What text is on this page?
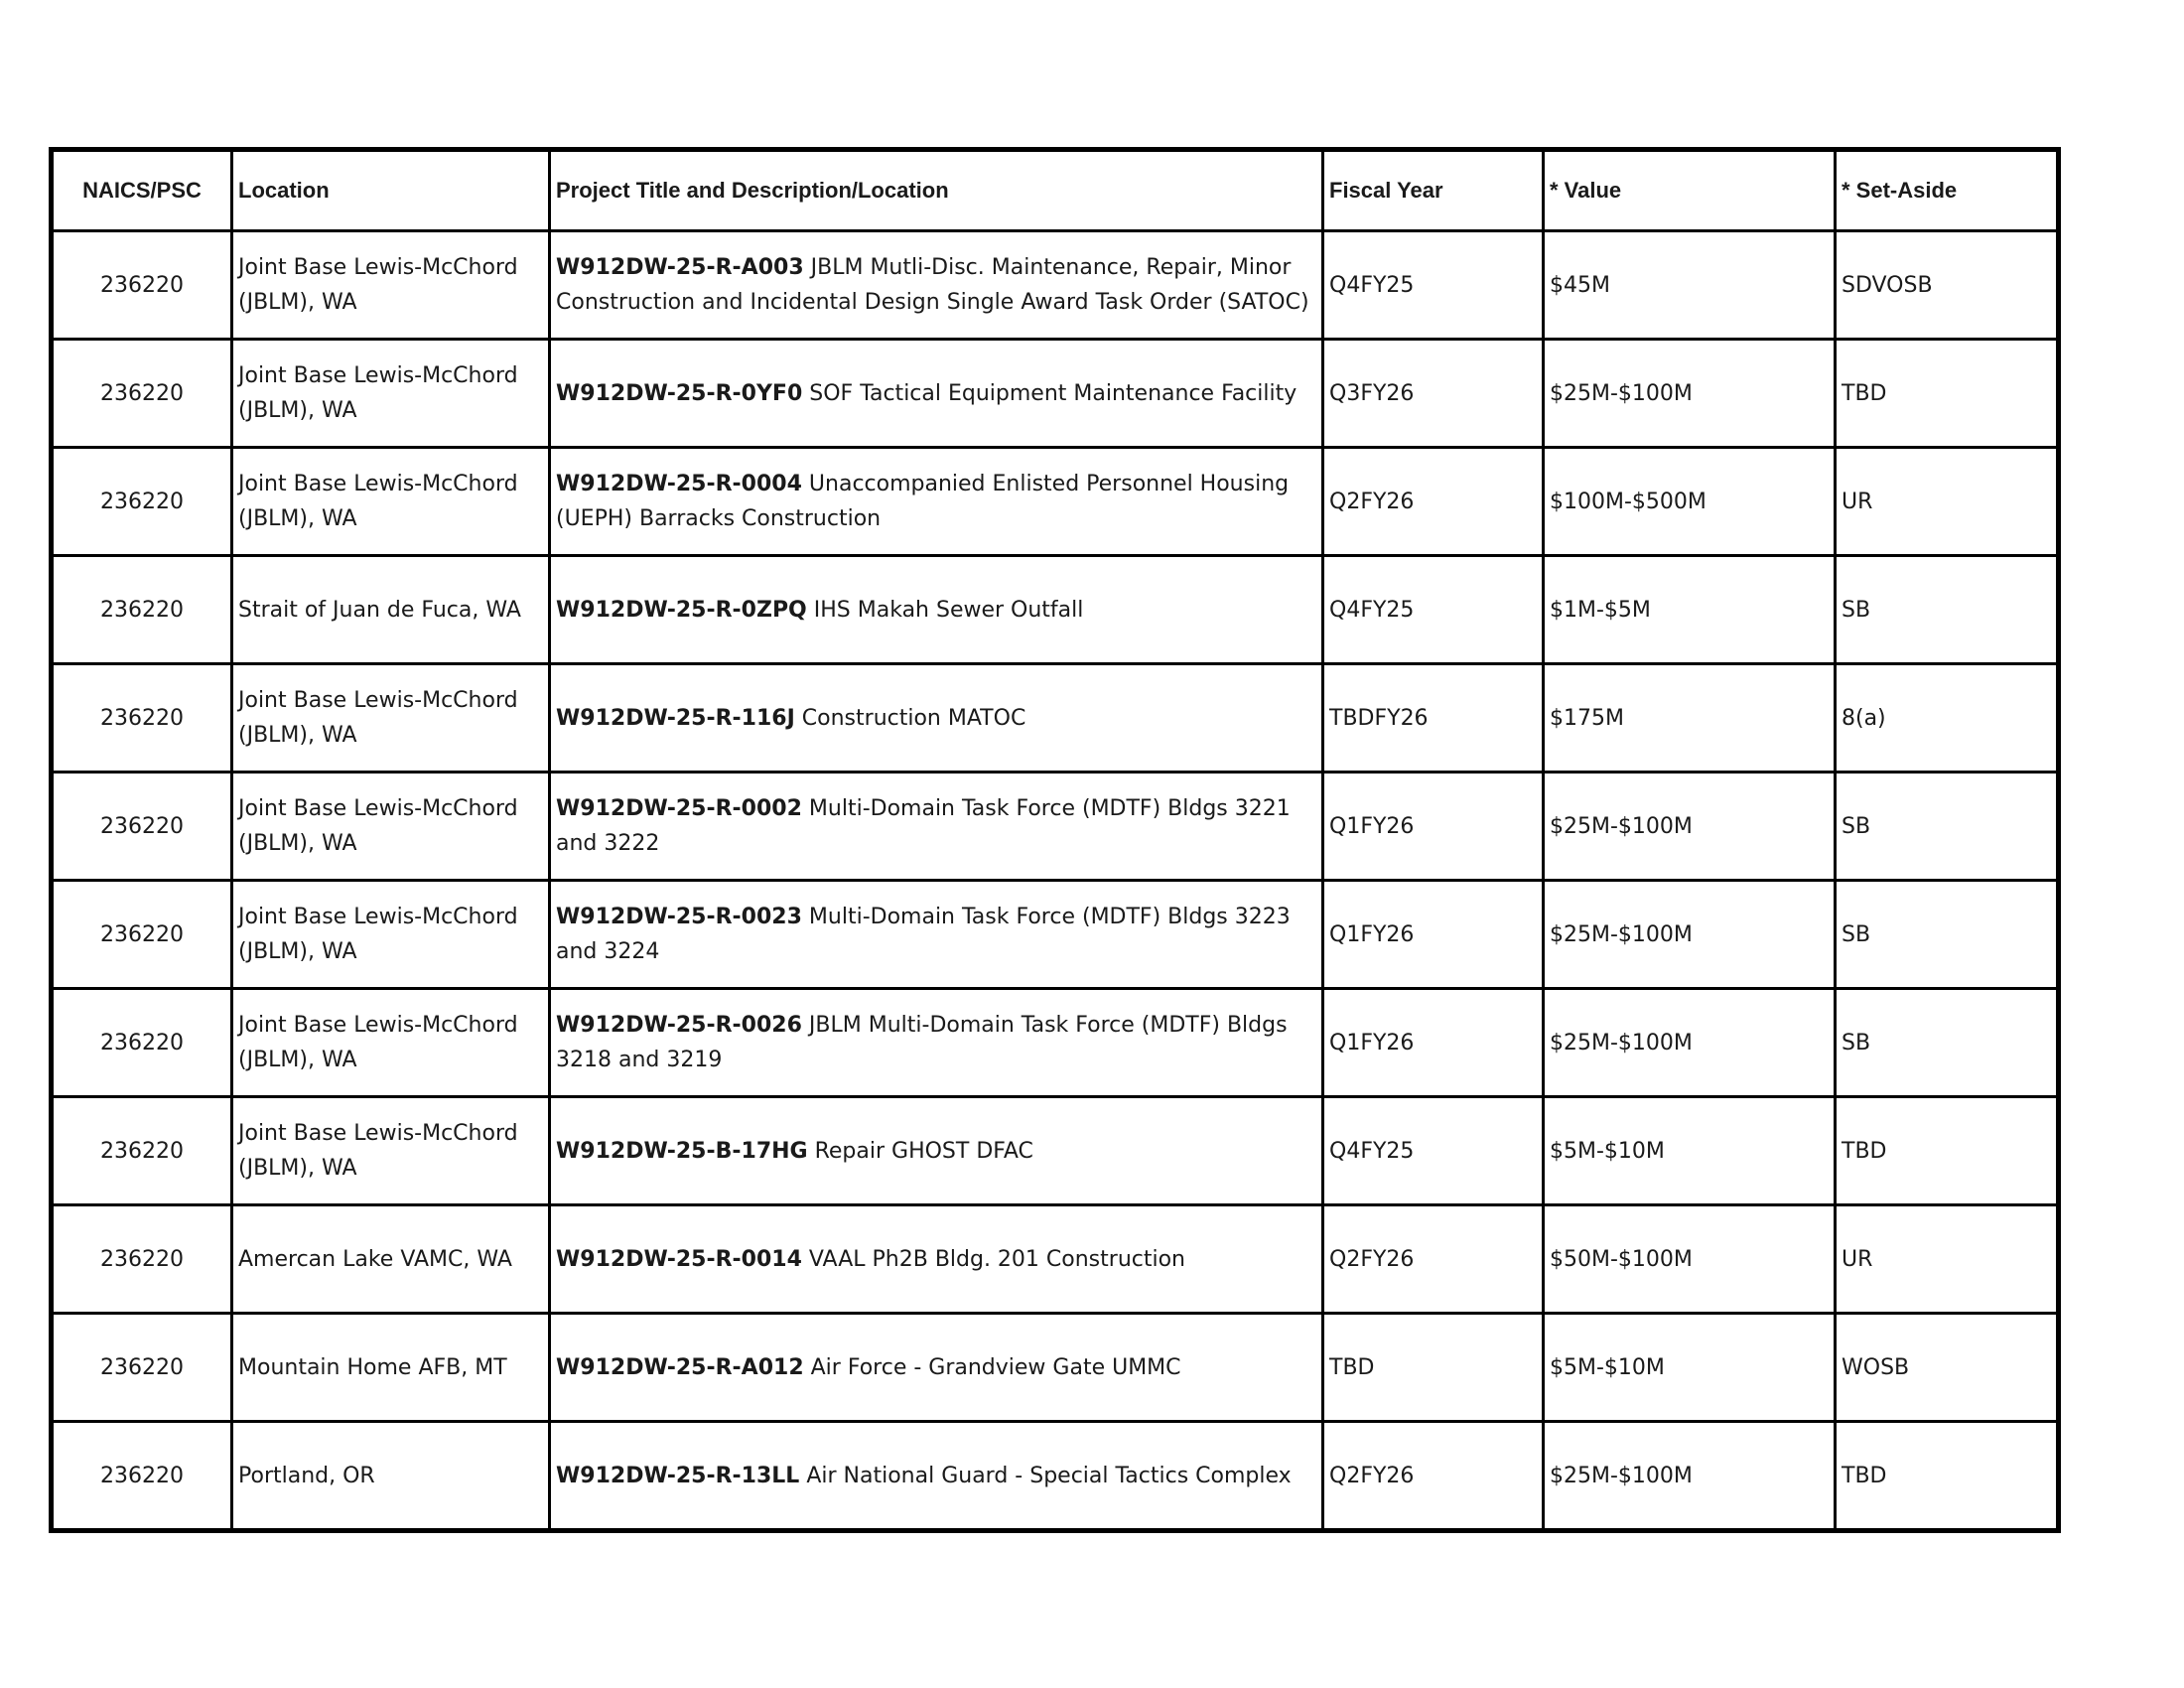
NAICS/PSC	Location	Project Title and Description/Location	Fiscal Year	* Value	* Set-Aside
236220	Joint Base Lewis-McChord (JBLM), WA	W912DW-25-R-A003 JBLM Mutli-Disc. Maintenance, Repair, Minor Construction and Incidental Design Single Award Task Order (SATOC)	Q4FY25	$45M	SDVOSB
236220	Joint Base Lewis-McChord (JBLM), WA	W912DW-25-R-0YF0 SOF Tactical Equipment Maintenance Facility	Q3FY26	$25M-$100M	TBD
236220	Joint Base Lewis-McChord (JBLM), WA	W912DW-25-R-0004 Unaccompanied Enlisted Personnel Housing (UEPH) Barracks Construction	Q2FY26	$100M-$500M	UR
236220	Strait of Juan de Fuca, WA	W912DW-25-R-0ZPQ IHS Makah Sewer Outfall	Q4FY25	$1M-$5M	SB
236220	Joint Base Lewis-McChord (JBLM), WA	W912DW-25-R-116J Construction MATOC	TBDFY26	$175M	8(a)
236220	Joint Base Lewis-McChord (JBLM), WA	W912DW-25-R-0002 Multi-Domain Task Force (MDTF) Bldgs 3221 and 3222	Q1FY26	$25M-$100M	SB
236220	Joint Base Lewis-McChord (JBLM), WA	W912DW-25-R-0023 Multi-Domain Task Force (MDTF) Bldgs 3223 and 3224	Q1FY26	$25M-$100M	SB
236220	Joint Base Lewis-McChord (JBLM), WA	W912DW-25-R-0026 JBLM Multi-Domain Task Force (MDTF) Bldgs 3218 and 3219	Q1FY26	$25M-$100M	SB
236220	Joint Base Lewis-McChord (JBLM), WA	W912DW-25-B-17HG Repair GHOST DFAC	Q4FY25	$5M-$10M	TBD
236220	Amercan Lake VAMC, WA	W912DW-25-R-0014 VAAL Ph2B Bldg. 201 Construction	Q2FY26	$50M-$100M	UR
236220	Mountain Home AFB, MT	W912DW-25-R-A012 Air Force - Grandview Gate UMMC	TBD	$5M-$10M	WOSB
236220	Portland, OR	W912DW-25-R-13LL Air National Guard - Special Tactics Complex	Q2FY26	$25M-$100M	TBD
